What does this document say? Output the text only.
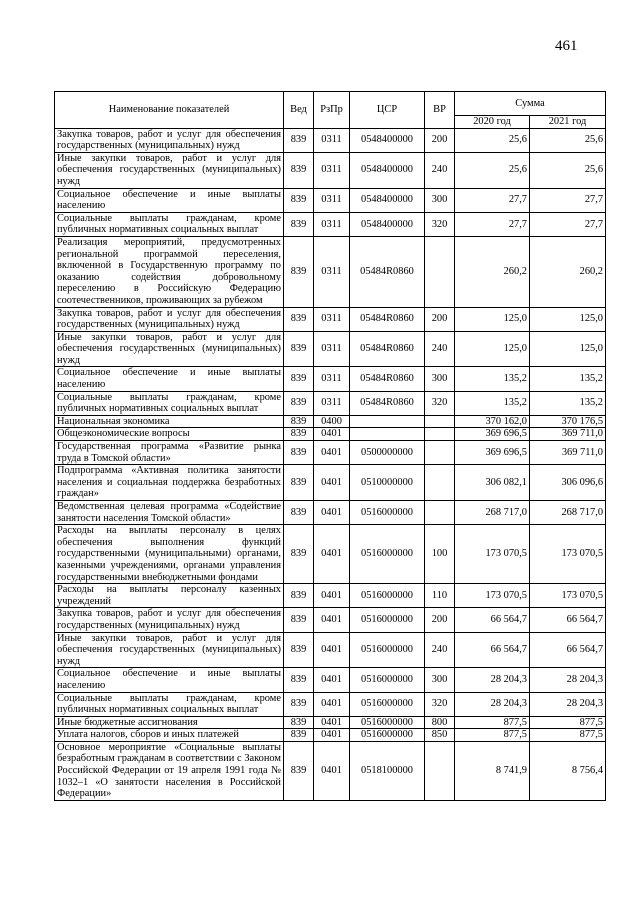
461
Наименование показателей	Вед	РзПр	ЦСР	ВР	Сумма	
					2020 год	2021 год
Закупка товаров, работ и услуг для обеспечения государственных (муниципальных) нужд	839	0311	0548400000	200	25,6	25,6
Иные закупки товаров, работ и услуг для обеспечения государственных (муниципальных) нужд	839	0311	0548400000	240	25,6	25,6
Социальное обеспечение и иные выплаты населению	839	0311	0548400000	300	27,7	27,7
Социальные выплаты гражданам, кроме публичных нормативных социальных выплат	839	0311	0548400000	320	27,7	27,7
Реализация мероприятий, предусмотренных региональной программой переселения, включенной в Государственную программу по оказанию содействия добровольному переселению в Российскую Федерацию соотечественников, проживающих за рубежом	839	0311	05484R0860		260,2	260,2
Закупка товаров, работ и услуг для обеспечения государственных (муниципальных) нужд	839	0311	05484R0860	200	125,0	125,0
Иные закупки товаров, работ и услуг для обеспечения государственных (муниципальных) нужд	839	0311	05484R0860	240	125,0	125,0
Социальное обеспечение и иные выплаты населению	839	0311	05484R0860	300	135,2	135,2
Социальные выплаты гражданам, кроме публичных нормативных социальных выплат	839	0311	05484R0860	320	135,2	135,2
Национальная экономика	839	0400			370 162,0	370 176,5
Общеэкономические вопросы	839	0401			369 696,5	369 711,0
Государственная программа «Развитие рынка труда в Томской области»	839	0401	0500000000		369 696,5	369 711,0
Подпрограмма «Активная политика занятости населения и социальная поддержка безработных граждан»	839	0401	0510000000		306 082,1	306 096,6
Ведомственная целевая программа «Содействие занятости населения Томской области»	839	0401	0516000000		268 717,0	268 717,0
Расходы на выплаты персоналу в целях обеспечения выполнения функций государственными (муниципальными) органами, казенными учреждениями, органами управления государственными внебюджетными фондами	839	0401	0516000000	100	173 070,5	173 070,5
Расходы на выплаты персоналу казенных учреждений	839	0401	0516000000	110	173 070,5	173 070,5
Закупка товаров, работ и услуг для обеспечения государственных (муниципальных) нужд	839	0401	0516000000	200	66 564,7	66 564,7
Иные закупки товаров, работ и услуг для обеспечения государственных (муниципальных) нужд	839	0401	0516000000	240	66 564,7	66 564,7
Социальное обеспечение и иные выплаты населению	839	0401	0516000000	300	28 204,3	28 204,3
Социальные выплаты гражданам, кроме публичных нормативных социальных выплат	839	0401	0516000000	320	28 204,3	28 204,3
Иные бюджетные ассигнования	839	0401	0516000000	800	877,5	877,5
Уплата налогов, сборов и иных платежей	839	0401	0516000000	850	877,5	877,5
Основное мероприятие «Социальные выплаты безработным гражданам в соответствии с Законом Российской Федерации от 19 апреля 1991 года № 1032–1 «О занятости населения в Российской Федерации»	839	0401	0518100000		8 741,9	8 756,4
